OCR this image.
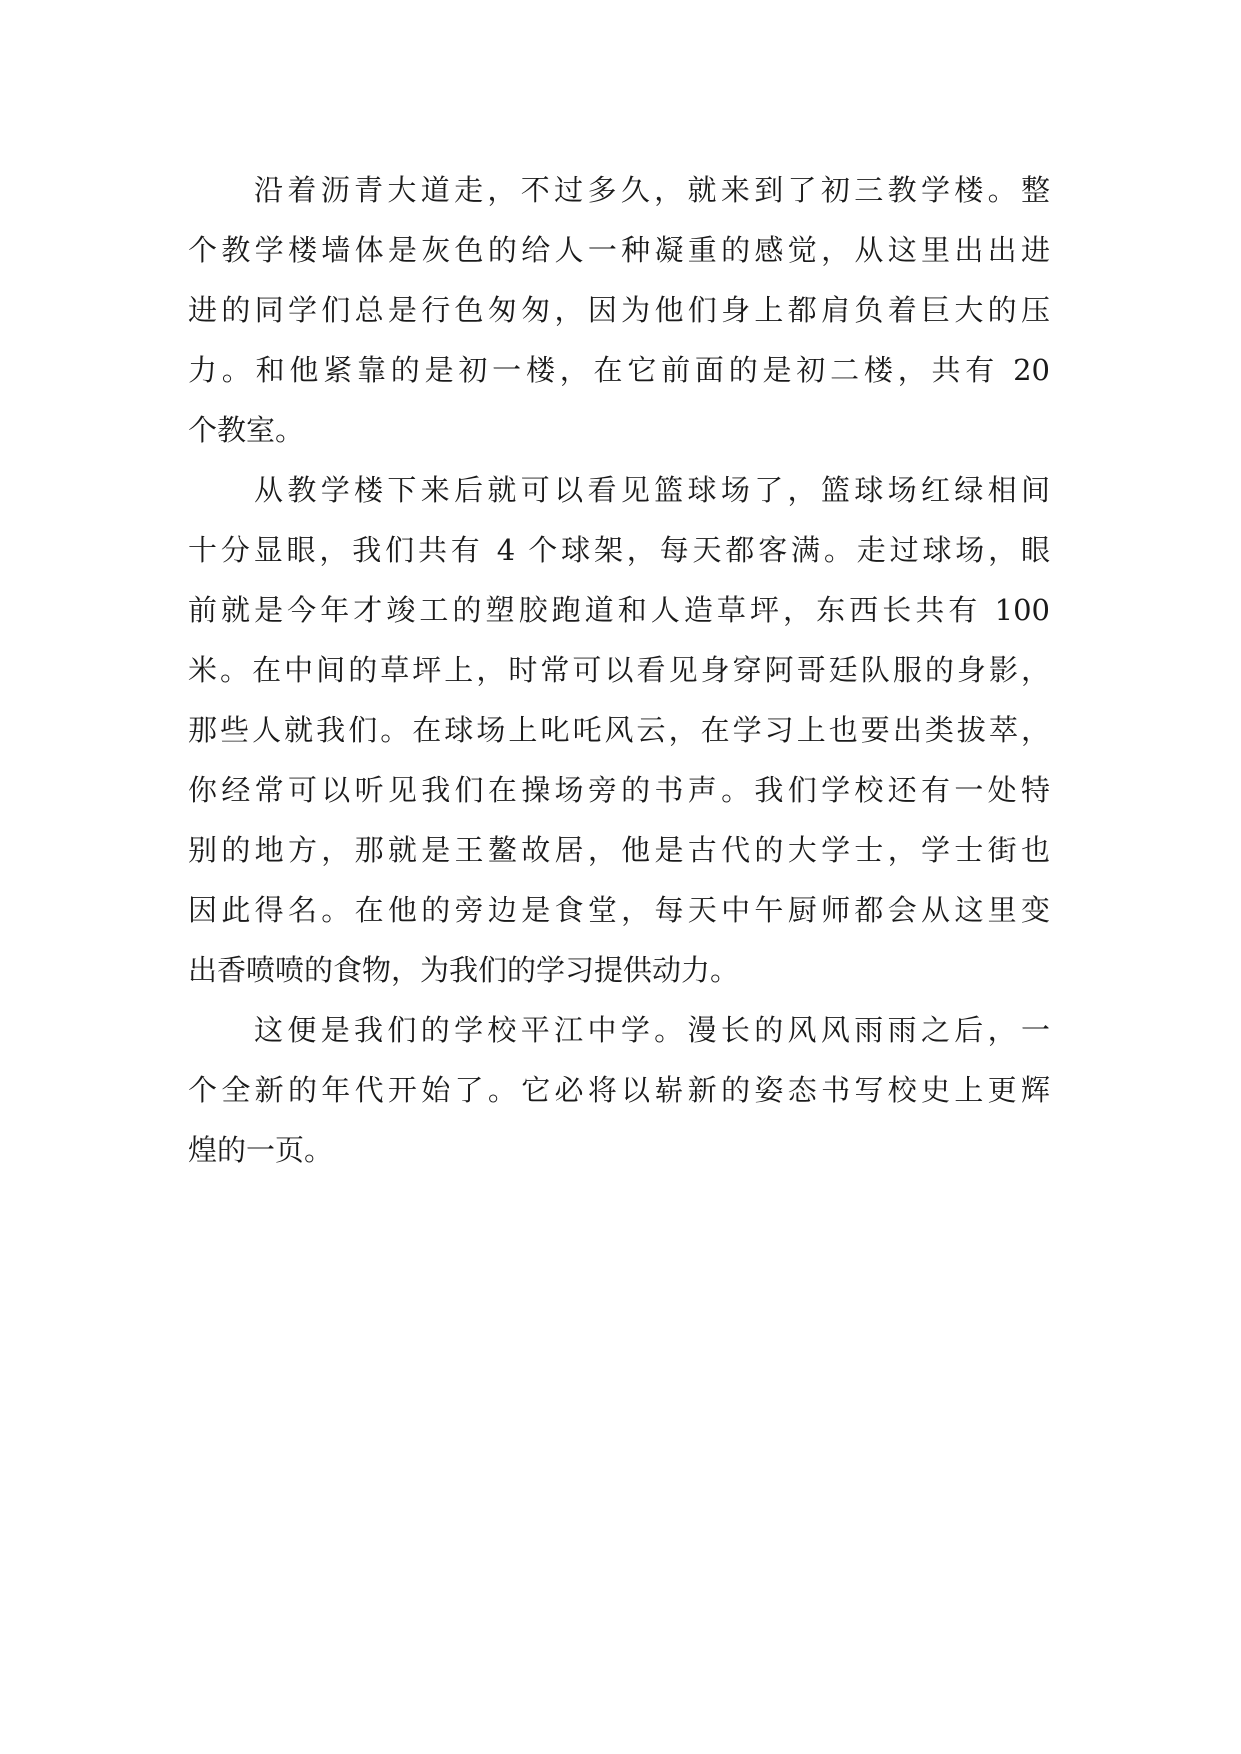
沿着沥青大道走，不过多久，就来到了初三教学楼。整
个教学楼墙体是灰色的给人一种凝重的感觉，从这里出出进
进的同学们总是行色匆匆，因为他们身上都肩负着巨大的压
力。和他紧靠的是初一楼，在它前面的是初二楼，共有 20
个教室。
从教学楼下来后就可以看见篮球场了，篮球场红绿相间
十分显眼，我们共有 4 个球架，每天都客满。走过球场，眼
前就是今年才竣工的塑胶跑道和人造草坪，东西长共有 100
米。在中间的草坪上，时常可以看见身穿阿哥廷队服的身影，
那些人就我们。在球场上叱吒风云，在学习上也要出类拔萃，
你经常可以听见我们在操场旁的书声。我们学校还有一处特
别的地方，那就是王鳌故居，他是古代的大学士，学士街也
因此得名。在他的旁边是食堂，每天中午厨师都会从这里变
出香喷喷的食物，为我们的学习提供动力。
这便是我们的学校平江中学。漫长的风风雨雨之后，一
个全新的年代开始了。它必将以崭新的姿态书写校史上更辉
煌的一页。
